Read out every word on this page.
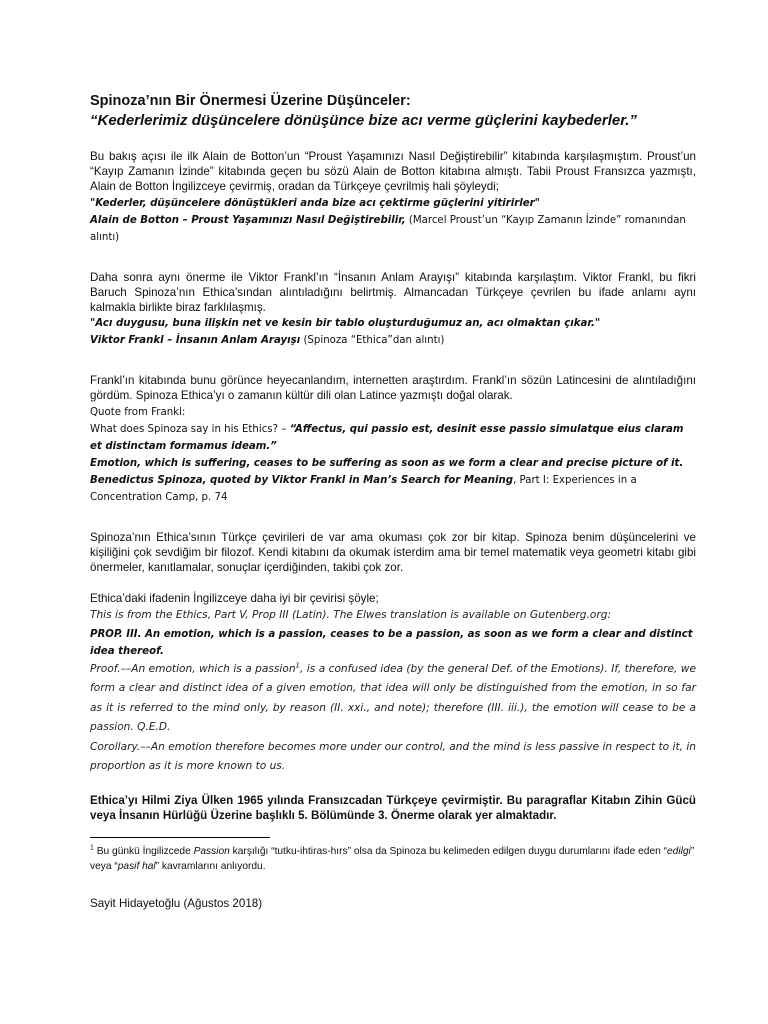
Spinoza’nın Bir Önermesi Üzerine Düşünceler:
“Kederlerimiz düşüncelere dönüşünce bize acı verme güçlerini kaybederler.”

Bu bakış açısı ile ilk Alain de Botton’un “Proust Yaşamınızı Nasıl Değiştirebilir” kitabında karşılaşmıştım. Proust’un “Kayıp Zamanın İzinde” kitabında geçen bu sözü Alain de Botton kitabına almıştı. Tabii Proust Fransızca yazmıştı, Alain de Botton İngilizceye çevirmiş, oradan da Türkçeye çevrilmiş hali şöyleydi;

"Kederler, düşüncelere dönüştükleri anda bize acı çektirme güçlerini yitirirler"
Alain de Botton – Proust Yaşamınızı Nasıl Değiştirebilir, (Marcel Proust’un “Kayıp Zamanın İzinde” romanından alıntı)

Daha sonra aynı önerme ile Viktor Frankl’ın “İnsanın Anlam Arayışı” kitabında karşılaştım. Viktor Frankl, bu fikri Baruch Spinoza’nın Ethica’sından alıntıladığını belirtmiş. Almancadan Türkçeye çevrilen bu ifade anlamı aynı kalmakla birlikte biraz farklılaşmış.

"Acı duygusu, buna ilişkin net ve kesin bir tablo oluşturduğumuz an, acı olmaktan çıkar."
Viktor Frankl – İnsanın Anlam Arayışı (Spinoza “Ethica”dan alıntı)

Frankl’ın kitabında bunu görünce heyecanlandım, internetten araştırdım. Frankl’ın sözün Latincesini de alıntıladığını gördüm. Spinoza Ethica’yı o zamanın kültür dili olan Latince yazmıştı doğal olarak.

Quote from Frankl:
What does Spinoza say in his Ethics? – “Affectus, qui passio est, desinit esse passio simulatque eius claram et distinctam formamus ideam.”
Emotion, which is suffering, ceases to be suffering as soon as we form a clear and precise picture of it.
Benedictus Spinoza, quoted by Viktor Frankl in Man’s Search for Meaning, Part I: Experiences in a Concentration Camp, p. 74

Spinoza’nın Ethica’sının Türkçe çevirileri de var ama okuması çok zor bir kitap. Spinoza benim düşüncelerini ve kişiliğini çok sevdiğim bir filozof. Kendi kitabını da okumak isterdim ama bir temel matematik veya geometri kitabı gibi önermeler, kanıtlamalar, sonuçlar içerdiğinden, takibi çok zor.

Ethica’daki ifadenin İngilizceye daha iyi bir çevirisi şöyle;

This is from the Ethics, Part V, Prop III (Latin). The Elwes translation is available on Gutenberg.org:
PROP. III. An emotion, which is a passion, ceases to be a passion, as soon as we form a clear and distinct idea thereof.
Proof.––An emotion, which is a passion$^1$, is a confused idea (by the general Def. of the Emotions). If, therefore, we form a clear and distinct idea of a given emotion, that idea will only be distinguished from the emotion, in so far as it is referred to the mind only, by reason (II. xxi., and note); therefore (III. iii.), the emotion will cease to be a passion. Q.E.D.
Corollary.––An emotion therefore becomes more under our control, and the mind is less passive in respect to it, in proportion as it is more known to us.

Ethica’yı Hilmi Ziya Ülken 1965 yılında Fransızcadan Türkçeye çevirmiştir. Bu paragraflar Kitabın Zihin Gücü veya İnsanın Hürlüğü Üzerine başlıklı 5. Bölümünde 3. Önerme olarak yer almaktadır.

$^1$ Bu günkü İngilizcede Passion karşılığı “tutku-ihtiras-hırs” olsa da Spinoza bu kelimeden edilgen duygu durumlarını ifade eden “edilgi” veya “pasif hal” kavramlarını anlıyordu.
Sayit Hidayetoğlu (Ağustos 2018)
